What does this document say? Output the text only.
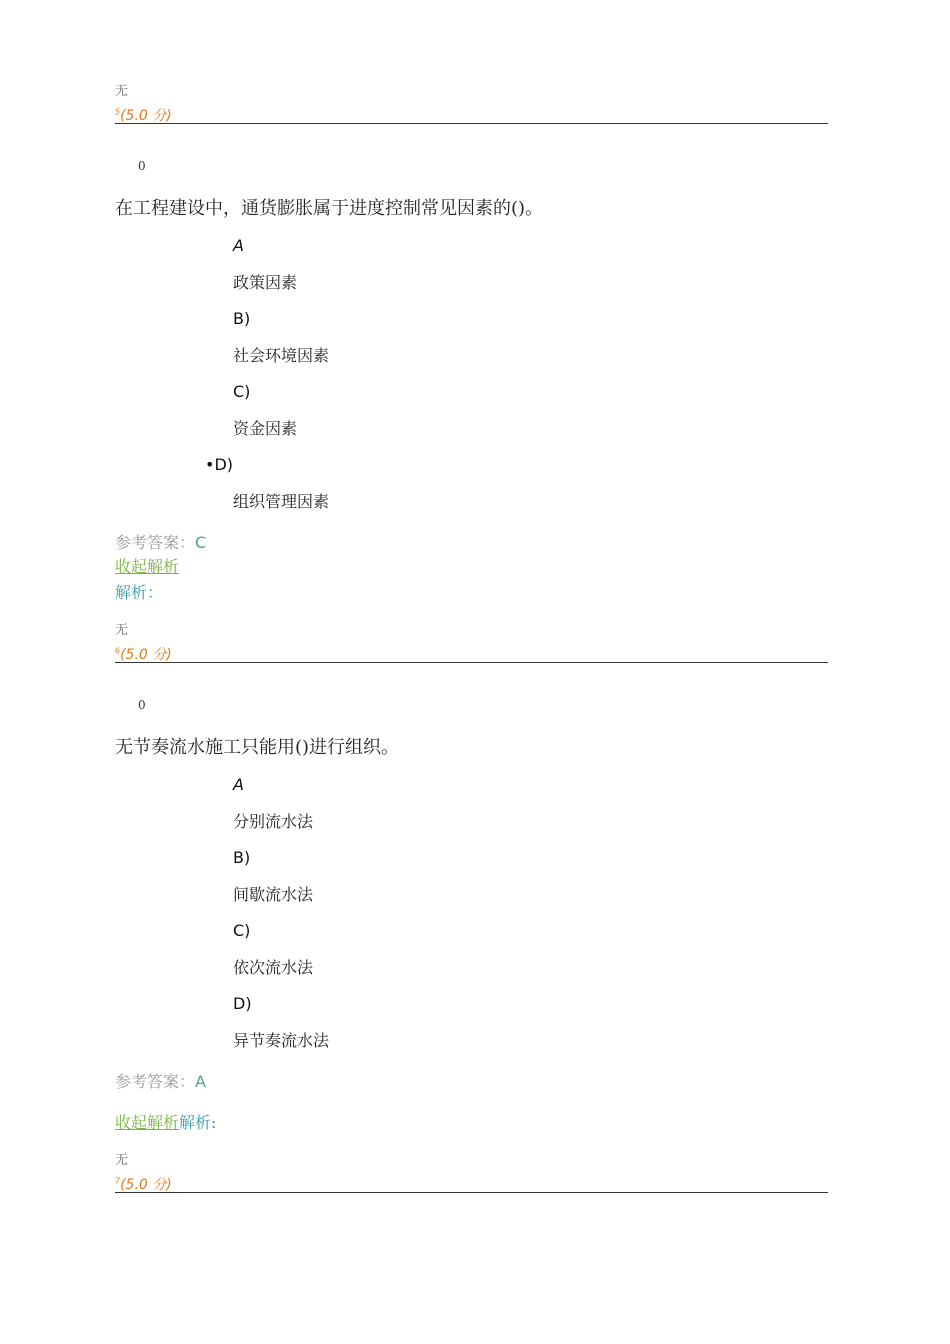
无
$^5$(5.0 分)
0
在工程建设中，通货膨胀属于进度控制常见因素的()。
A
政策因素
B)
社会环境因素
C)
资金因素
•D)
组织管理因素
参考答案：C
收起解析
解析：
无
$^6$(5.0 分)
0
无节奏流水施工只能用()进行组织。
A
分别流水法
B)
间歇流水法
C)
依次流水法
D)
异节奏流水法
参考答案：A
收起解析解析:
无
$^7$(5.0 分)
